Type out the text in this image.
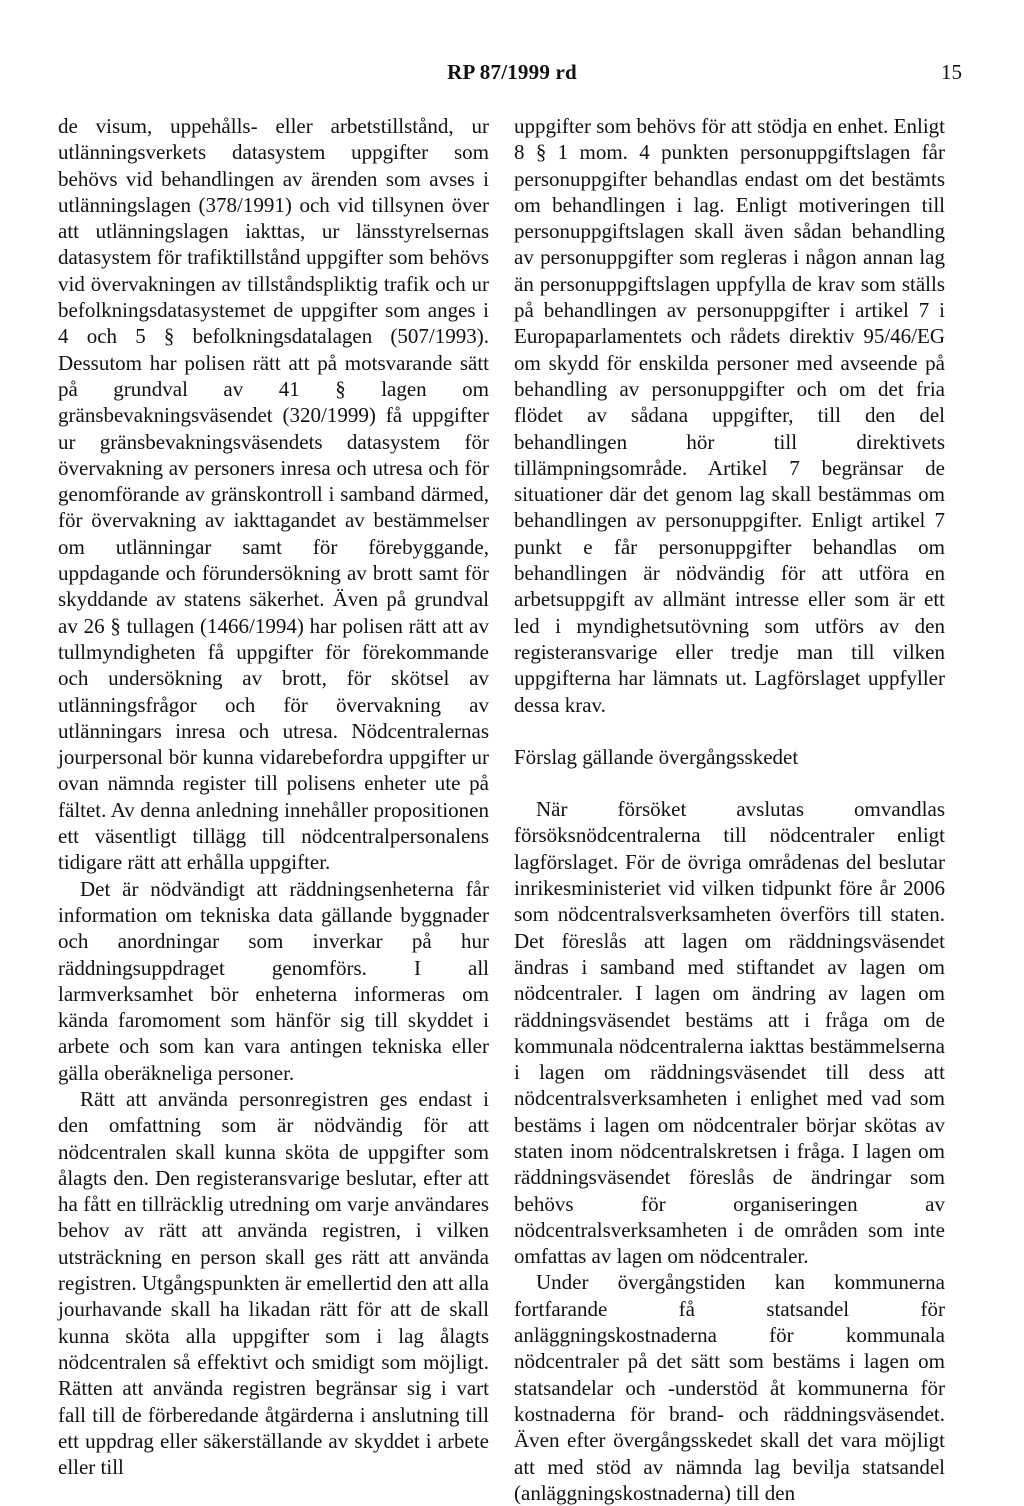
RP 87/1999 rd	15

de visum, uppehålls- eller arbetstillstånd, ur utlänningsverkets datasystem uppgifter som behövs vid behandlingen av ärenden som avses i utlänningslagen (378/1991) och vid tillsynen över att utlänningslagen iakttas, ur länsstyrelsernas datasystem för trafiktillstånd uppgifter som behövs vid övervakningen av tillståndspliktig trafik och ur befolkningsdatasystemet de uppgifter som anges i 4 och 5 § befolkningsdatalagen (507/1993). Dessutom har polisen rätt att på motsvarande sätt på grundval av 41 § lagen om gränsbevakningsväsendet (320/1999) få uppgifter ur gränsbevakningsväsendets datasystem för övervakning av personers inresa och utresa och för genomförande av gränskontroll i samband därmed, för övervakning av iakttagandet av bestämmelser om utlänningar samt för förebyggande, uppdagande och förundersökning av brott samt för skyddande av statens säkerhet. Även på grundval av 26 § tullagen (1466/1994) har polisen rätt att av tullmyndigheten få uppgifter för förekommande och undersökning av brott, för skötsel av utlänningsfrågor och för övervakning av utlänningars inresa och utresa. Nödcentralernas jourpersonal bör kunna vidarebefordra uppgifter ur ovan nämnda register till polisens enheter ute på fältet. Av denna anledning innehåller propositionen ett väsentligt tillägg till nödcentralpersonalens tidigare rätt att erhålla uppgifter.

Det är nödvändigt att räddningsenheterna får information om tekniska data gällande byggnader och anordningar som inverkar på hur räddningsuppdraget genomförs. I all larmverksamhet bör enheterna informeras om kända faromoment som hänför sig till skyddet i arbete och som kan vara antingen tekniska eller gälla oberäkneliga personer.

Rätt att använda personregistren ges endast i den omfattning som är nödvändig för att nödcentralen skall kunna sköta de uppgifter som ålagts den. Den registeransvarige beslutar, efter att ha fått en tillräcklig utredning om varje användares behov av rätt att använda registren, i vilken utsträckning en person skall ges rätt att använda registren. Utgångspunkten är emellertid den att alla jourhavande skall ha likadan rätt för att de skall kunna sköta alla uppgifter som i lag ålagts nödcentralen så effektivt och smidigt som möjligt. Rätten att använda registren begränsar sig i vart fall till de förberedande åtgärderna i anslutning till ett uppdrag eller säkerställande av skyddet i arbete eller till

uppgifter som behövs för att stödja en enhet. Enligt 8 § 1 mom. 4 punkten personuppgiftslagen får personuppgifter behandlas endast om det bestämts om behandlingen i lag. Enligt motiveringen till personuppgiftslagen skall även sådan behandling av personuppgifter som regleras i någon annan lag än personuppgiftslagen uppfylla de krav som ställs på behandlingen av personuppgifter i artikel 7 i Europaparlamentets och rådets direktiv 95/46/EG om skydd för enskilda personer med avseende på behandling av personuppgifter och om det fria flödet av sådana uppgifter, till den del behandlingen hör till direktivets tillämpningsområde. Artikel 7 begränsar de situationer där det genom lag skall bestämmas om behandlingen av personuppgifter. Enligt artikel 7 punkt e får personuppgifter behandlas om behandlingen är nödvändig för att utföra en arbetsuppgift av allmänt intresse eller som är ett led i myndighetsutövning som utförs av den registeransvarige eller tredje man till vilken uppgifterna har lämnats ut. Lagförslaget uppfyller dessa krav.

Förslag gällande övergångsskedet

När försöket avslutas omvandlas försöksnödcentralerna till nödcentraler enligt lagförslaget. För de övriga områdenas del beslutar inrikesministeriet vid vilken tidpunkt före år 2006 som nödcentralsverksamheten överförs till staten. Det föreslås att lagen om räddningsväsendet ändras i samband med stiftandet av lagen om nödcentraler. I lagen om ändring av lagen om räddningsväsendet bestäms att i fråga om de kommunala nödcentralerna iakttas bestämmelserna i lagen om räddningsväsendet till dess att nödcentralsverksamheten i enlighet med vad som bestäms i lagen om nödcentraler börjar skötas av staten inom nödcentralskretsen i fråga. I lagen om räddningsväsendet föreslås de ändringar som behövs för organiseringen av nödcentralsverksamheten i de områden som inte omfattas av lagen om nödcentraler.

Under övergångstiden kan kommunerna fortfarande få statsandel för anläggningskostnaderna för kommunala nödcentraler på det sätt som bestäms i lagen om statsandelar och -understöd åt kommunerna för kostnaderna för brand- och räddningsväsendet. Även efter övergångsskedet skall det vara möjligt att med stöd av nämnda lag bevilja statsandel (anläggningskostnaderna) till den
